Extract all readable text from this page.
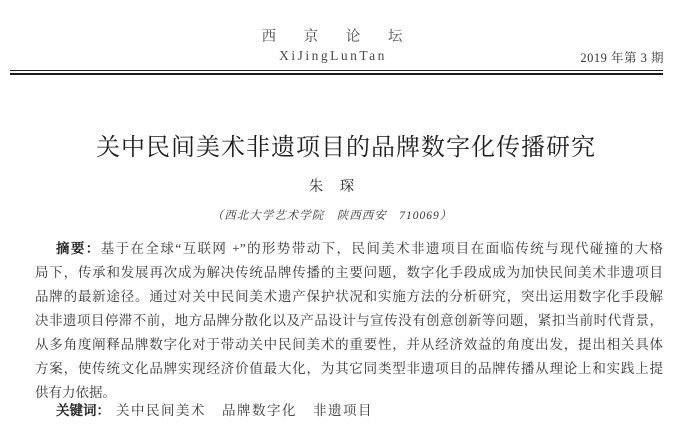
西 京 论 坛
XiJingLunTan	2019 年第 3 期
关中民间美术非遗项目的品牌数字化传播研究
朱　琛
（西北大学艺术学院　陕西西安　710069）
摘要：基于在全球“互联网 +”的形势带动下，民间美术非遗项目在面临传统与现代碰撞的大格
局下，传承和发展再次成为解决传统品牌传播的主要问题，数字化手段成成为加快民间美术非遗项目
品牌的最新途径。通过对关中民间美术遗产保护状况和实施方法的分析研究，突出运用数字化手段解
决非遗项目停滞不前，地方品牌分散化以及产品设计与宣传没有创意创新等问题，紧扣当前时代背景，
从多角度阐释品牌数字化对于带动关中民间美术的重要性，并从经济效益的角度出发，提出相关具体
方案，使传统文化品牌实现经济价值最大化，为其它同类型非遗项目的品牌传播从理论上和实践上提
供有力依据。
关键词： 关中民间美术 品牌数字化 非遗项目
